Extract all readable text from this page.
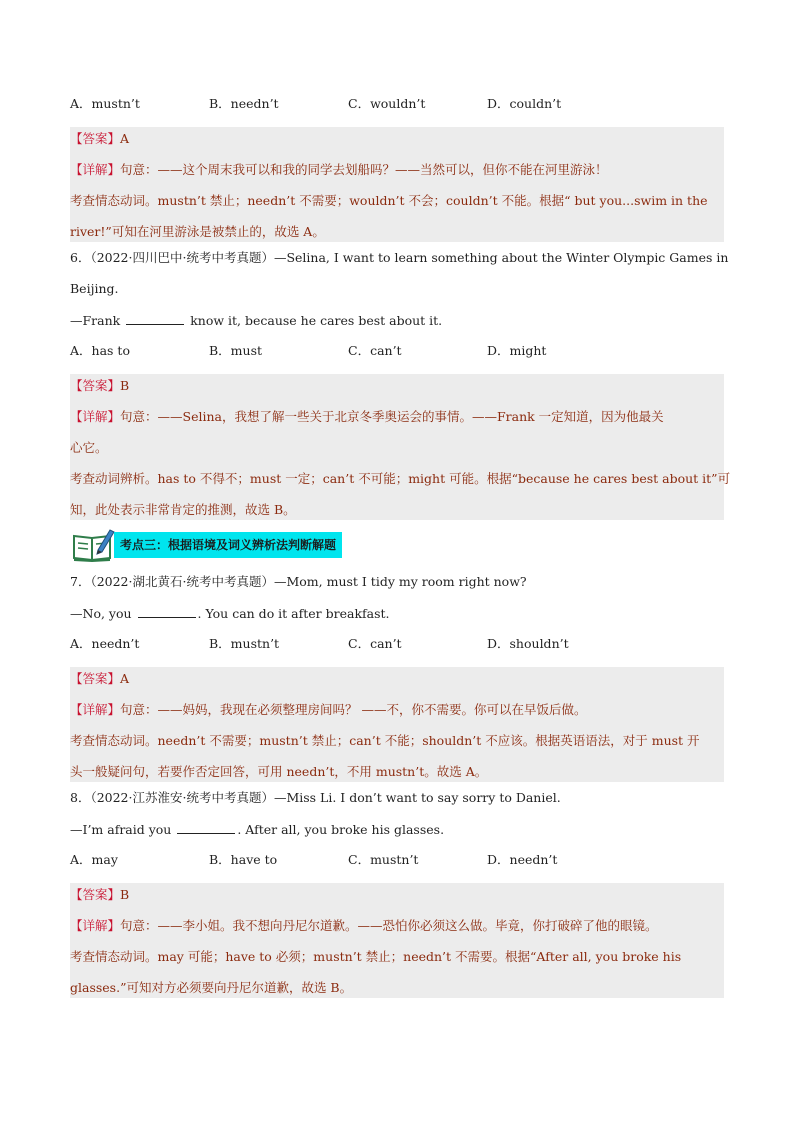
A．mustn’t	B．needn’t	C．wouldn’t	D．couldn’t
【答案】A
【详解】句意：——这个周末我可以和我的同学去划船吗？——当然可以，但你不能在河里游泳！
考查情态动词。mustn’t 禁止；needn’t 不需要；wouldn’t 不会；couldn’t 不能。根据“ but you...swim in the
river!”可知在河里游泳是被禁止的，故选 A。
6．（2022·四川巴中·统考中考真题）—Selina, I want to learn something about the Winter Olympic Games in
Beijing.
—Frank	know it, because he cares best about it.
A．has to	B．must	C．can’t	D．might
【答案】B
【详解】句意：——Selina，我想了解一些关于北京冬季奥运会的事情。——Frank 一定知道，因为他最关
心它。
考查动词辨析。has to 不得不；must 一定；can’t 不可能；might 可能。根据“because he cares best about it”可
知，此处表示非常肯定的推测，故选 B。
考点三：根据语境及词义辨析法判断解题
7．（2022·湖北黄石·统考中考真题）—Mom, must I tidy my room right now?
—No, you	. You can do it after breakfast.
A．needn’t	B．mustn’t	C．can’t	D．shouldn’t
【答案】A
【详解】句意：——妈妈，我现在必须整理房间吗？ ——不，你不需要。你可以在早饭后做。
考查情态动词。needn’t 不需要；mustn’t 禁止；can’t 不能；shouldn’t 不应该。根据英语语法，对于 must 开
头一般疑问句，若要作否定回答，可用 needn’t，不用 mustn’t。故选 A。
8．（2022·江苏淮安·统考中考真题）—Miss Li. I don’t want to say sorry to Daniel.
—I’m afraid you	. After all, you broke his glasses.
A．may	B．have to	C．mustn’t	D．needn’t
【答案】B
【详解】句意：——李小姐。我不想向丹尼尔道歉。——恐怕你必须这么做。毕竟，你打破碎了他的眼镜。
考查情态动词。may 可能；have to 必须；mustn’t 禁止；needn’t 不需要。根据“After all, you broke his
glasses.”可知对方必须要向丹尼尔道歉，故选 B。
